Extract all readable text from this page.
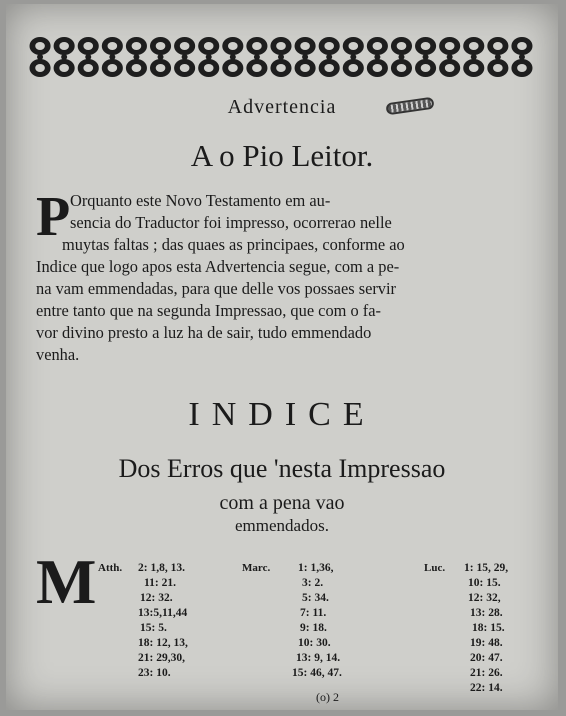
Advertencia
A o Pio Leitor.
P Orquanto este Novo Testamento em au-
sencia do Traductor foi impresso, ocorrerao nelle
muytas faltas ; das quaes as principaes, conforme ao
Indice que logo apos esta Advertencia segue, com a pe-
na vam emmendadas, para que delle vos possaes servir
entre tanto que na segunda Impressao, que com o fa-
vor divino presto a luz ha de sair, tudo emmendado
venha.
INDICE
Dos Erros que 'nesta Impressao
com a pena vao
emmendados.
M Atth. 2: 1,8, 13.
11: 21.
12: 32.
13:5,11,44
15: 5.
18: 12, 13,
21: 29,30,
23: 10.
Marc. 1: 1,36,
3: 2.
5: 34.
7: 11.
9: 18.
10: 30.
13: 9, 14.
15: 46, 47.
Luc. 1: 15, 29,
10: 15.
12: 32,
13: 28.
18: 15.
19: 48.
20: 47.
21: 26.
22: 14.
(o) 2
